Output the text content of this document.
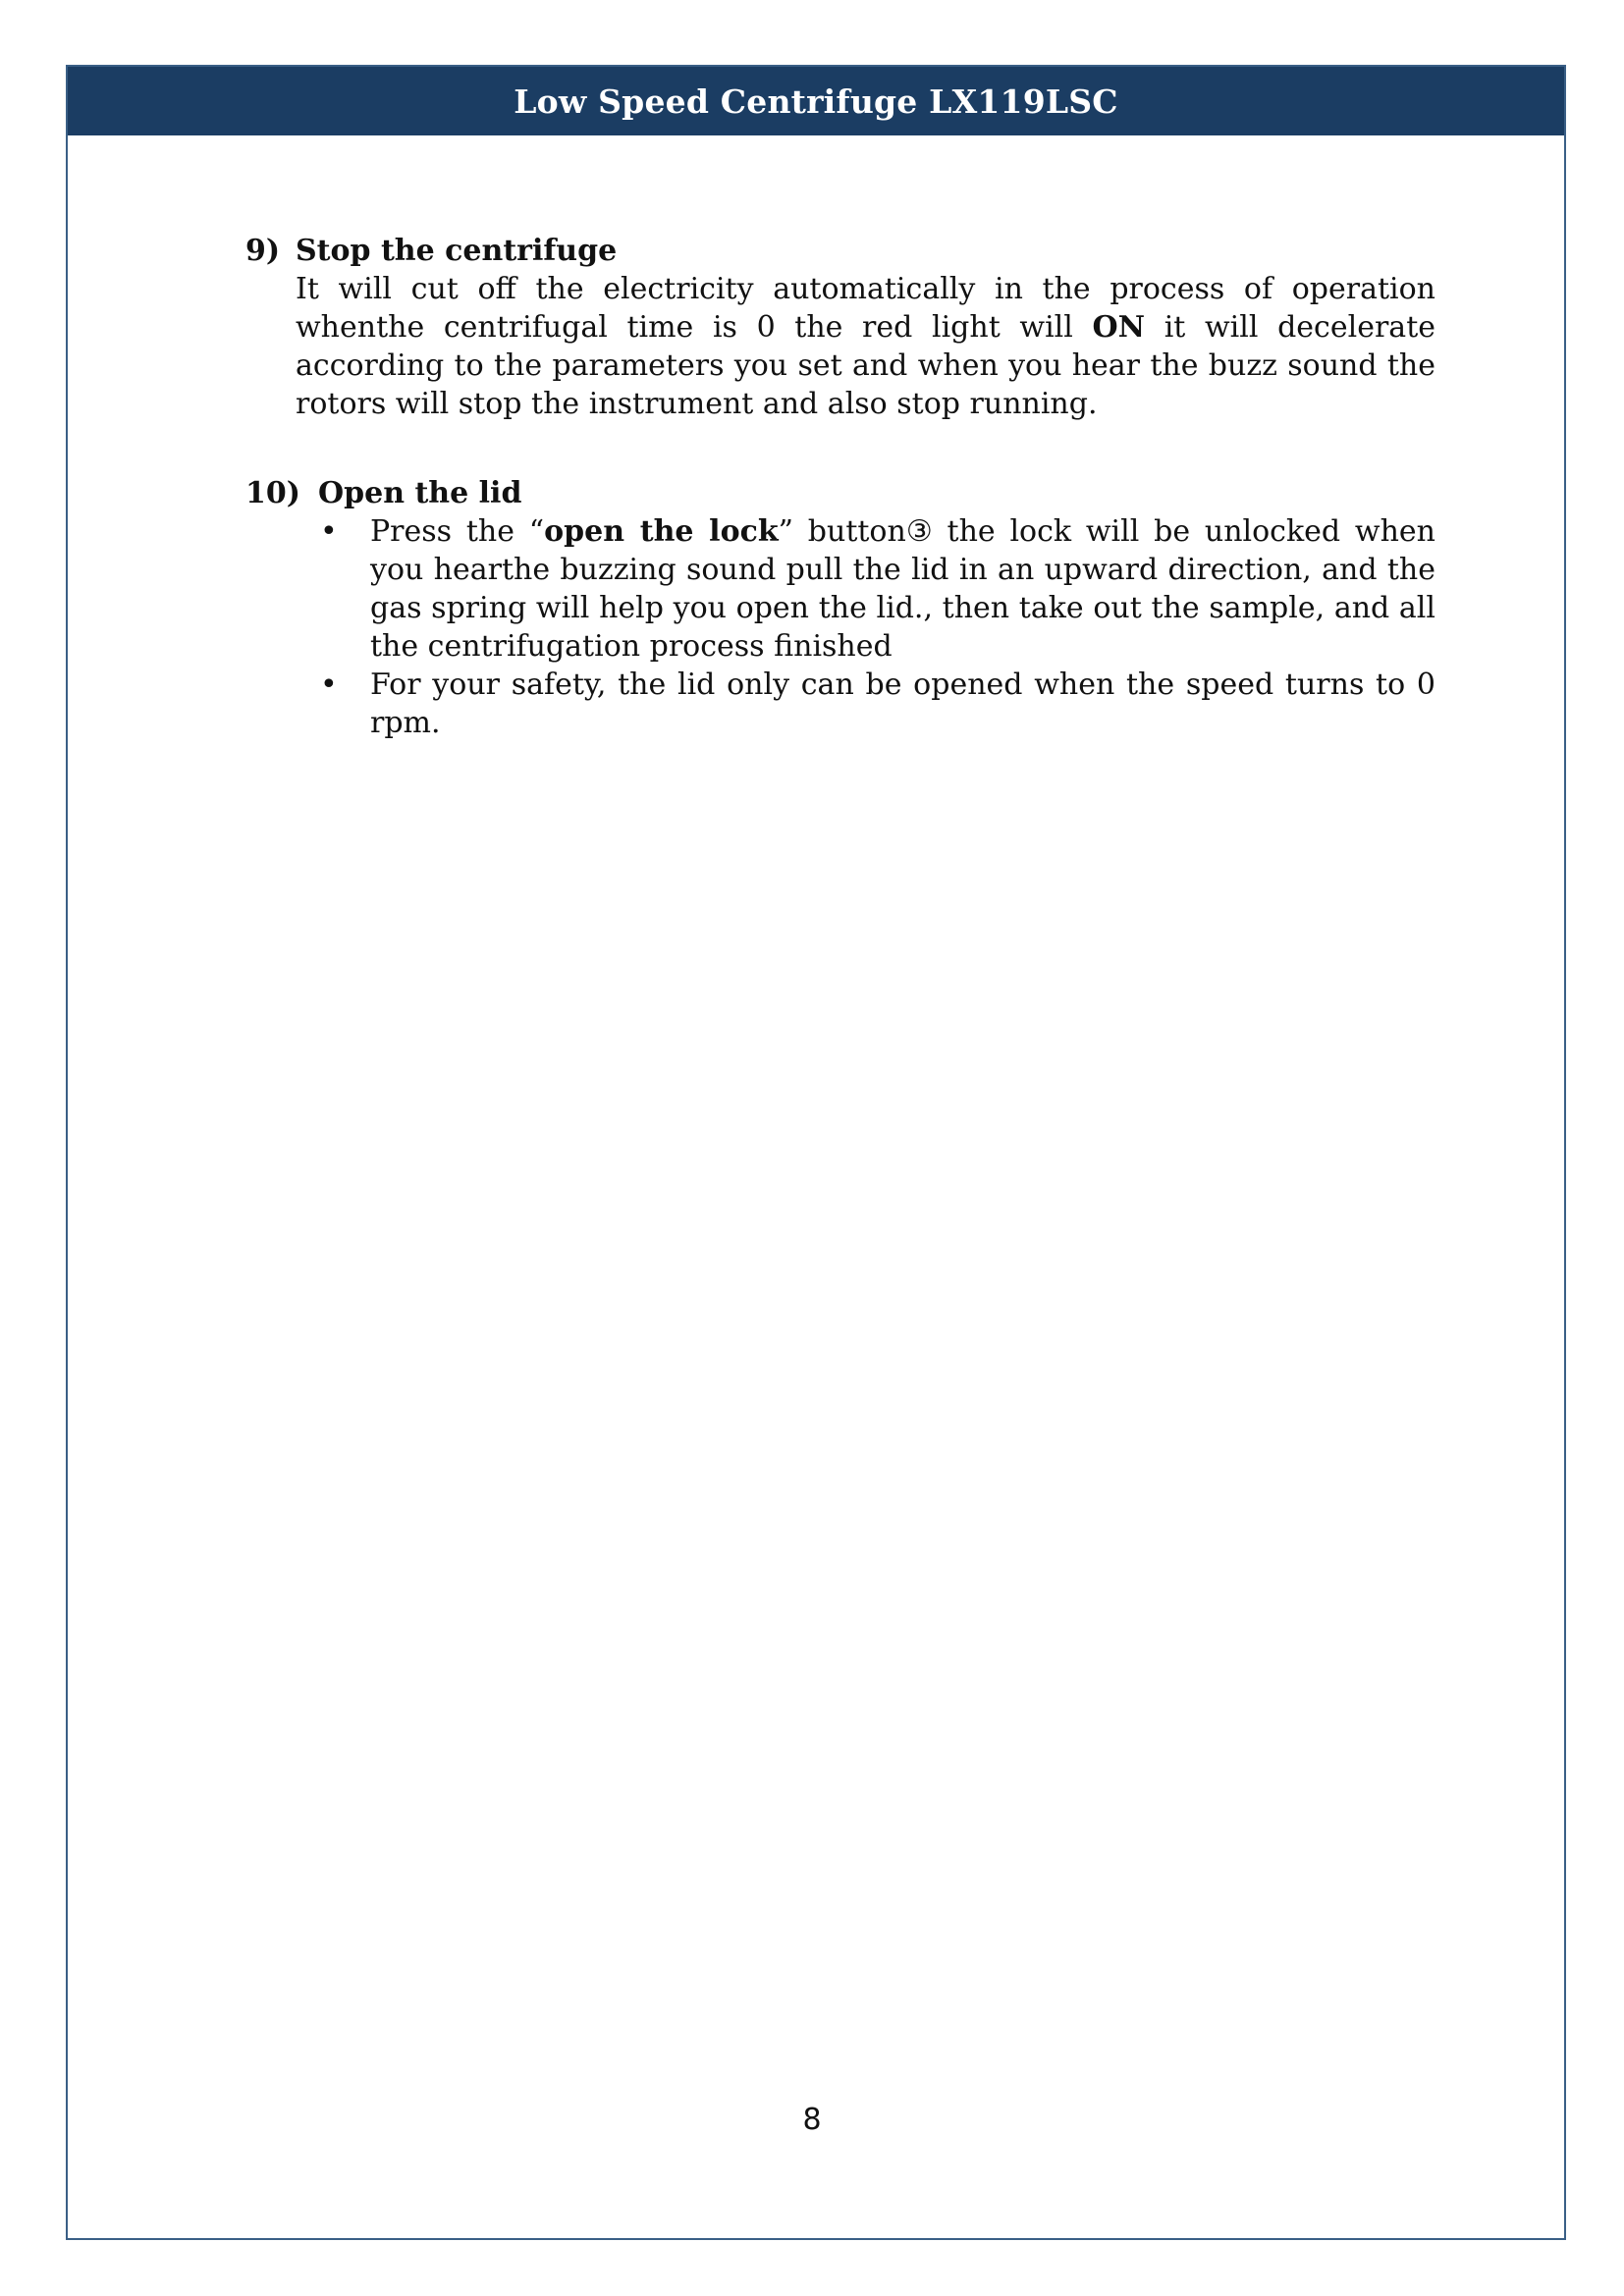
Low Speed Centrifuge LX119LSC
9) Stop the centrifuge
It will cut off the electricity automatically in the process of operation whenthe centrifugal time is 0 the red light will ON it will decelerate according to the parameters you set and when you hear the buzz sound the rotors will stop the instrument and also stop running.
10) Open the lid
•	Press the “open the lock” button③ the lock will be unlocked when you hearthe buzzing sound pull the lid in an upward direction, and the gas spring will help you open the lid., then take out the sample, and all the centrifugation process finished
•	For your safety, the lid only can be opened when the speed turns to 0 rpm.
8
